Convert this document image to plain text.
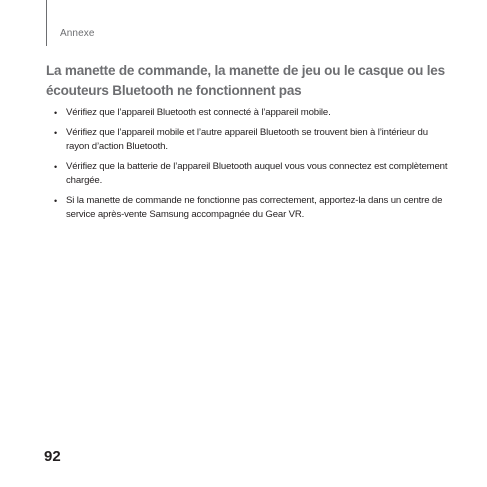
Annexe
La manette de commande, la manette de jeu ou le casque ou les écouteurs Bluetooth ne fonctionnent pas
• Vérifiez que l’appareil Bluetooth est connecté à l’appareil mobile.
• Vérifiez que l’appareil mobile et l’autre appareil Bluetooth se trouvent bien à l’intérieur du rayon d’action Bluetooth.
• Vérifiez que la batterie de l’appareil Bluetooth auquel vous vous connectez est complètement chargée.
• Si la manette de commande ne fonctionne pas correctement, apportez-la dans un centre de service après-vente Samsung accompagnée du Gear VR.
92
